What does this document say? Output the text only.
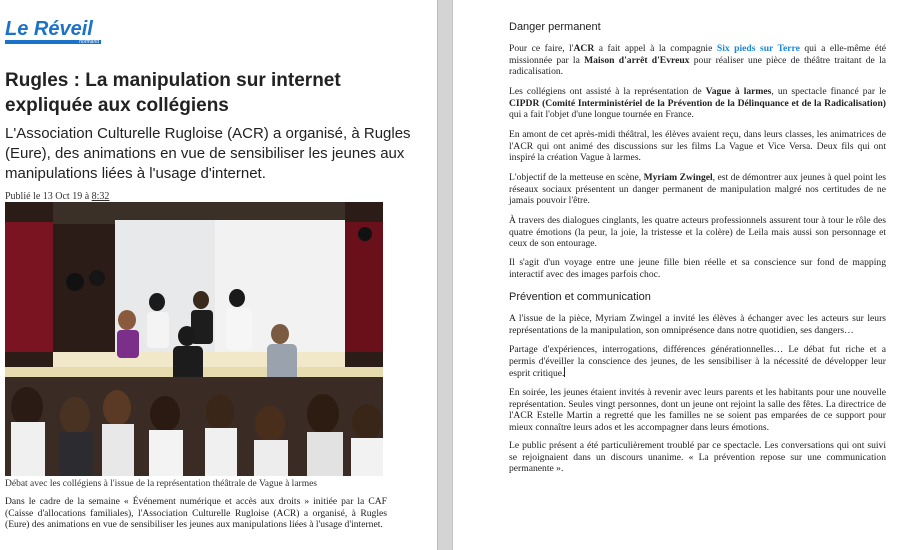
Le Réveil
normand
Rugles : La manipulation sur internet expliquée aux collégiens

L'Association Culturelle Rugloise (ACR) a organisé, à Rugles (Eure), des animations en vue de sensibiliser les jeunes aux manipulations liées à l'usage d'internet.

Publié le 13 Oct 19 à 8:32
Débat avec les collégiens à l'issue de la représentation théâtrale de Vague à larmes

Dans le cadre de la semaine « Événement numérique et accès aux droits » initiée par la CAF (Caisse d'allocations familiales), l'Association Culturelle Rugloise (ACR) a organisé, à Rugles (Eure) des animations en vue de sensibiliser les jeunes aux manipulations liées à l'usage d'internet.

Danger permanent

Pour ce faire, l'ACR a fait appel à la compagnie Six pieds sur Terre qui a elle-même été missionnée par la Maison d'arrêt d'Evreux pour réaliser une pièce de théâtre traitant de la radicalisation.

Les collégiens ont assisté à la représentation de Vague à larmes, un spectacle financé par le CIPDR (Comité Interministériel de la Prévention de la Délinquance et de la Radicalisation) qui a fait l'objet d'une longue tournée en France.

En amont de cet après-midi théâtral, les élèves avaient reçu, dans leurs classes, les animatrices de l'ACR qui ont animé des discussions sur les films La Vague et Vice Versa. Deux fils qui ont inspiré la création Vague à larmes.

L'objectif de la metteuse en scène, Myriam Zwingel, est de démontrer aux jeunes à quel point les réseaux sociaux présentent un danger permanent de manipulation malgré nos certitudes de ne jamais pouvoir l'être.

À travers des dialogues cinglants, les quatre acteurs professionnels assurent tour à tour le rôle des quatre émotions (la peur, la joie, la tristesse et la colère) de Leila mais aussi son personnage et ceux de son entourage.

Il s'agit d'un voyage entre une jeune fille bien réelle et sa conscience sur fond de mapping interactif avec des images parfois choc.

Prévention et communication

A l'issue de la pièce, Myriam Zwingel a invité les élèves à échanger avec les acteurs sur leurs représentations de la manipulation, son omniprésence dans notre quotidien, ses dangers…

Partage d'expériences, interrogations, différences générationnelles… Le débat fut riche et a permis d'éveiller la conscience des jeunes, de les sensibiliser à la nécessité de développer leur esprit critique.

En soirée, les jeunes étaient invités à revenir avec leurs parents et les habitants pour une nouvelle représentation. Seules vingt personnes, dont un jeune ont rejoint la salle des fêtes. La directrice de l'ACR Estelle Martin a regretté que les familles ne se soient pas emparées de ce support pour mieux connaître leurs ados et les accompagner dans leurs émotions.

Le public présent a été particulièrement troublé par ce spectacle. Les conversations qui ont suivi se rejoignaient dans un discours unanime. « La prévention repose sur une communication permanente ».
